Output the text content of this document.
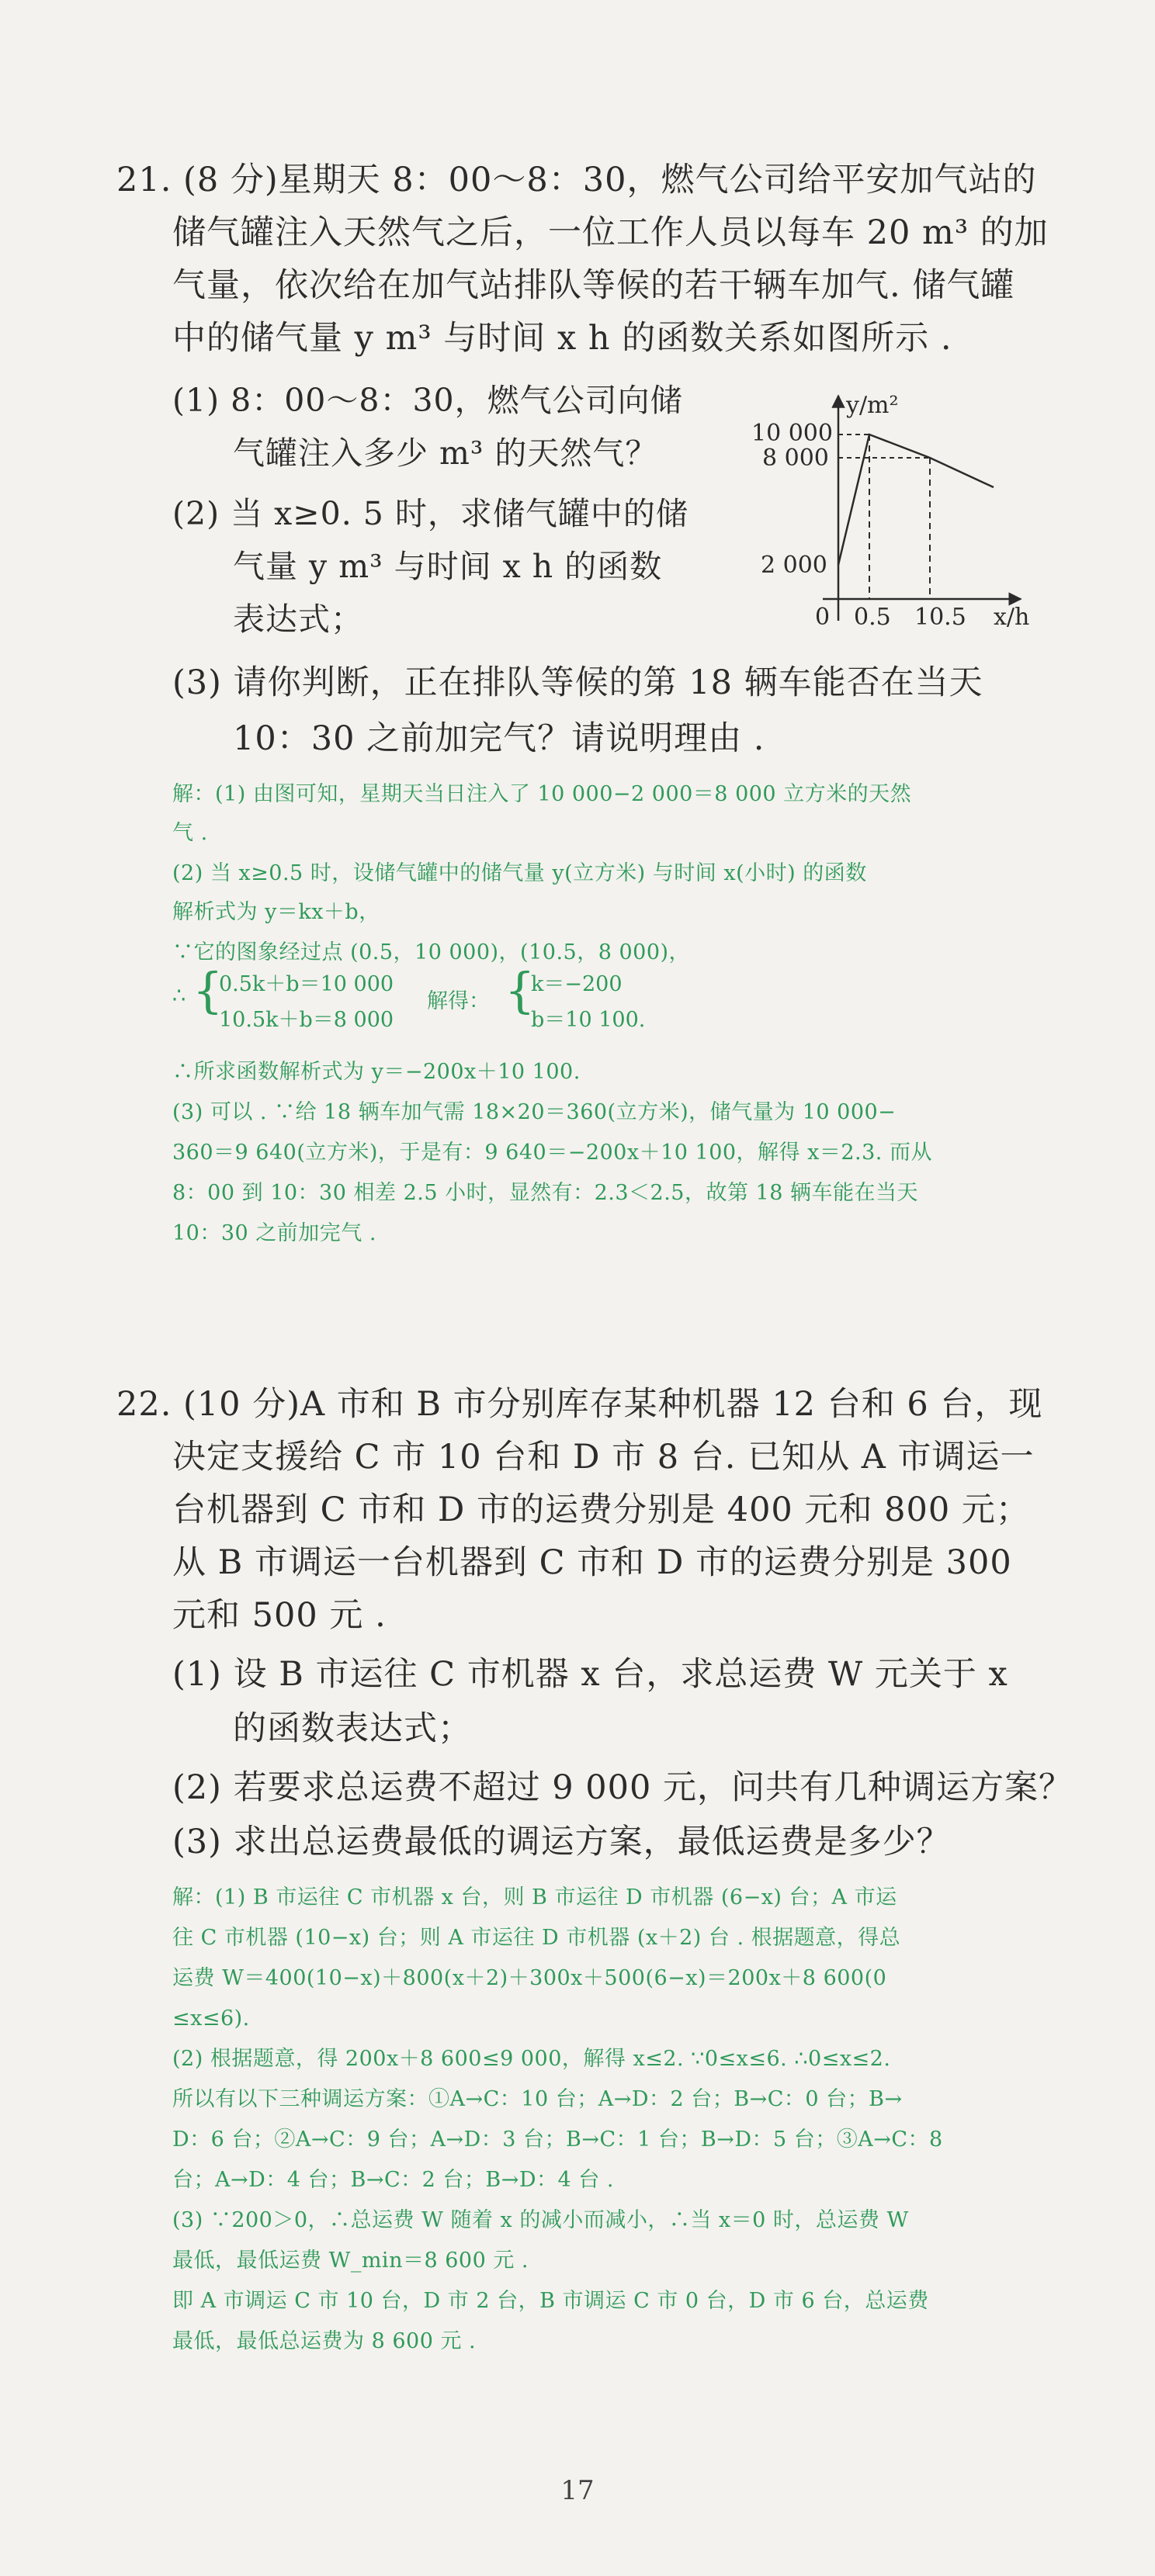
21. (8 分)星期天 8：00～8：30，燃气公司给平安加气站的
储气罐注入天然气之后，一位工作人员以每车 20 m³ 的加
气量，依次给在加气站排队等候的若干辆车加气. 储气罐
中的储气量 y m³ 与时间 x h 的函数关系如图所示 .
(1) 8：00～8：30，燃气公司向储
气罐注入多少 m³ 的天然气？
(2) 当 x≥0. 5 时，求储气罐中的储
气量 y m³ 与时间 x h 的函数
表达式；
(3) 请你判断，正在排队等候的第 18 辆车能否在当天
10：30 之前加完气？请说明理由 .
y/m²
x/h
10 000
8 000
2 000
0 0.5 10.5
解：(1) 由图可知，星期天当日注入了 10 000−2 000＝8 000 立方米的天然
气 .
(2) 当 x≥0.5 时，设储气罐中的储气量 y(立方米) 与时间 x(小时) 的函数
解析式为 y＝kx＋b，
∵它的图象经过点 (0.5，10 000)，(10.5，8 000)，
∴ {
0.5k＋b＝10 000
10.5k＋b＝8 000
解得： {
k＝−200
b＝10 100.
∴所求函数解析式为 y＝−200x＋10 100.
(3) 可以 . ∵给 18 辆车加气需 18×20＝360(立方米)，储气量为 10 000−
360＝9 640(立方米)，于是有：9 640＝−200x＋10 100，解得 x＝2.3. 而从
8：00 到 10：30 相差 2.5 小时，显然有：2.3＜2.5，故第 18 辆车能在当天
10：30 之前加完气 .
22. (10 分)A 市和 B 市分别库存某种机器 12 台和 6 台，现
决定支援给 C 市 10 台和 D 市 8 台. 已知从 A 市调运一
台机器到 C 市和 D 市的运费分别是 400 元和 800 元；
从 B 市调运一台机器到 C 市和 D 市的运费分别是 300
元和 500 元 .
(1) 设 B 市运往 C 市机器 x 台，求总运费 W 元关于 x
的函数表达式；
(2) 若要求总运费不超过 9 000 元，问共有几种调运方案？
(3) 求出总运费最低的调运方案，最低运费是多少？
解：(1) B 市运往 C 市机器 x 台，则 B 市运往 D 市机器 (6−x) 台；A 市运
往 C 市机器 (10−x) 台；则 A 市运往 D 市机器 (x＋2) 台 . 根据题意，得总
运费 W＝400(10−x)＋800(x＋2)＋300x＋500(6−x)＝200x＋8 600(0
≤x≤6).
(2) 根据题意，得 200x＋8 600≤9 000，解得 x≤2. ∵0≤x≤6. ∴0≤x≤2.
所以有以下三种调运方案：①A→C：10 台；A→D：2 台；B→C：0 台；B→
D：6 台；②A→C：9 台；A→D：3 台；B→C：1 台；B→D：5 台；③A→C：8
台；A→D：4 台；B→C：2 台；B→D：4 台 .
(3) ∵200＞0，∴总运费 W 随着 x 的减小而减小，∴当 x＝0 时，总运费 W
最低，最低运费 W_min＝8 600 元 .
即 A 市调运 C 市 10 台，D 市 2 台，B 市调运 C 市 0 台，D 市 6 台，总运费
最低，最低总运费为 8 600 元 .
17
